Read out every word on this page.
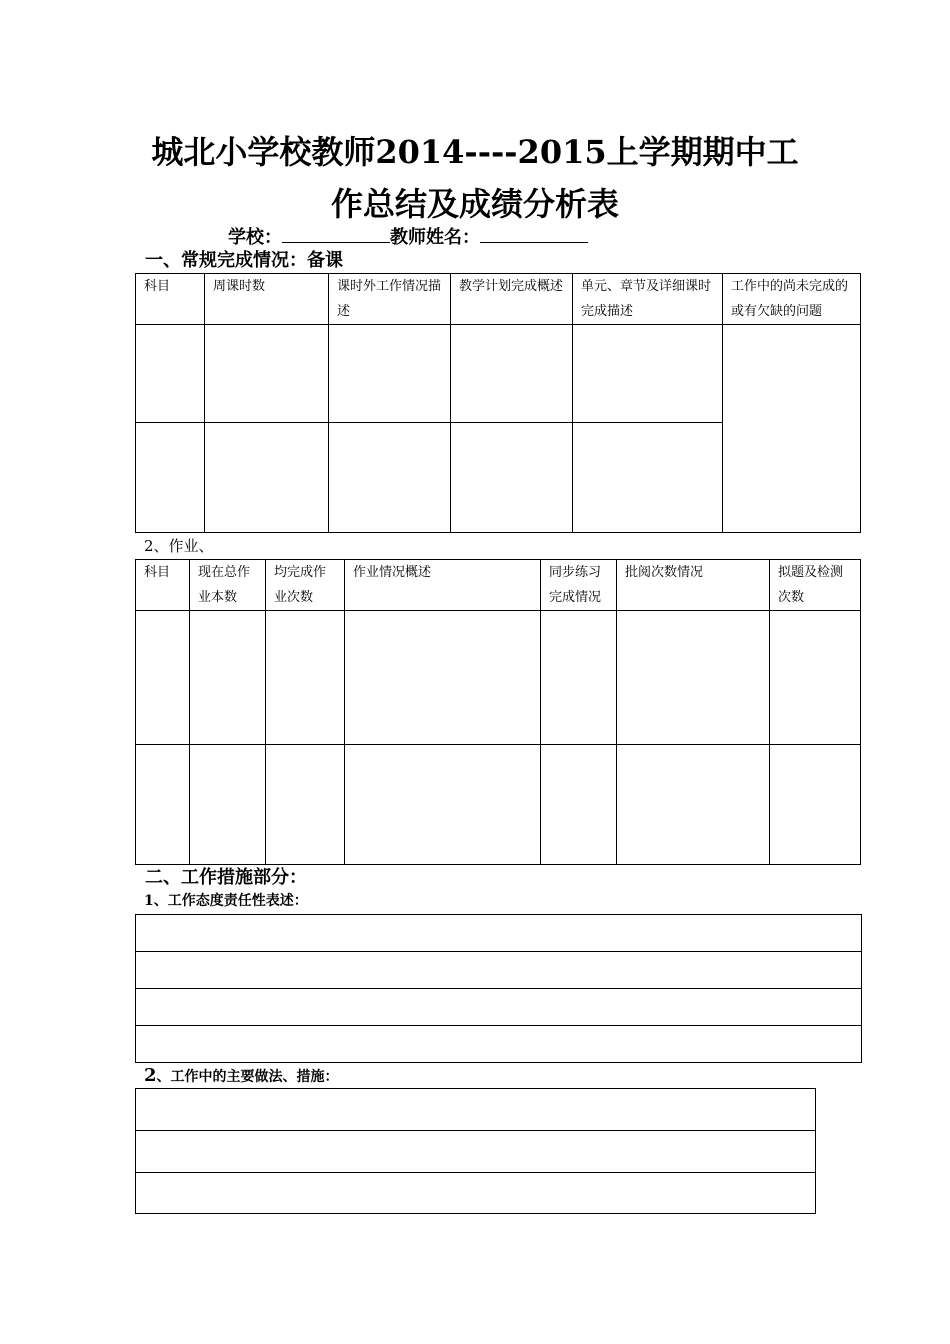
城北小学校教师2014----2015上学期期中工
作总结及成绩分析表
学校：	教师姓名：
一、常规完成情况：备课
科目	周课时数	课时外工作情况描述	教学计划完成概述	单元、章节及详细课时完成描述	工作中的尚未完成的或有欠缺的问题

2、作业、
科目	现在总作业本数	均完成作业次数	作业情况概述	同步练习完成情况	批阅次数情况	拟题及检测次数

二、工作措施部分：
1、工作态度责任性表述：

2、工作中的主要做法、措施：
